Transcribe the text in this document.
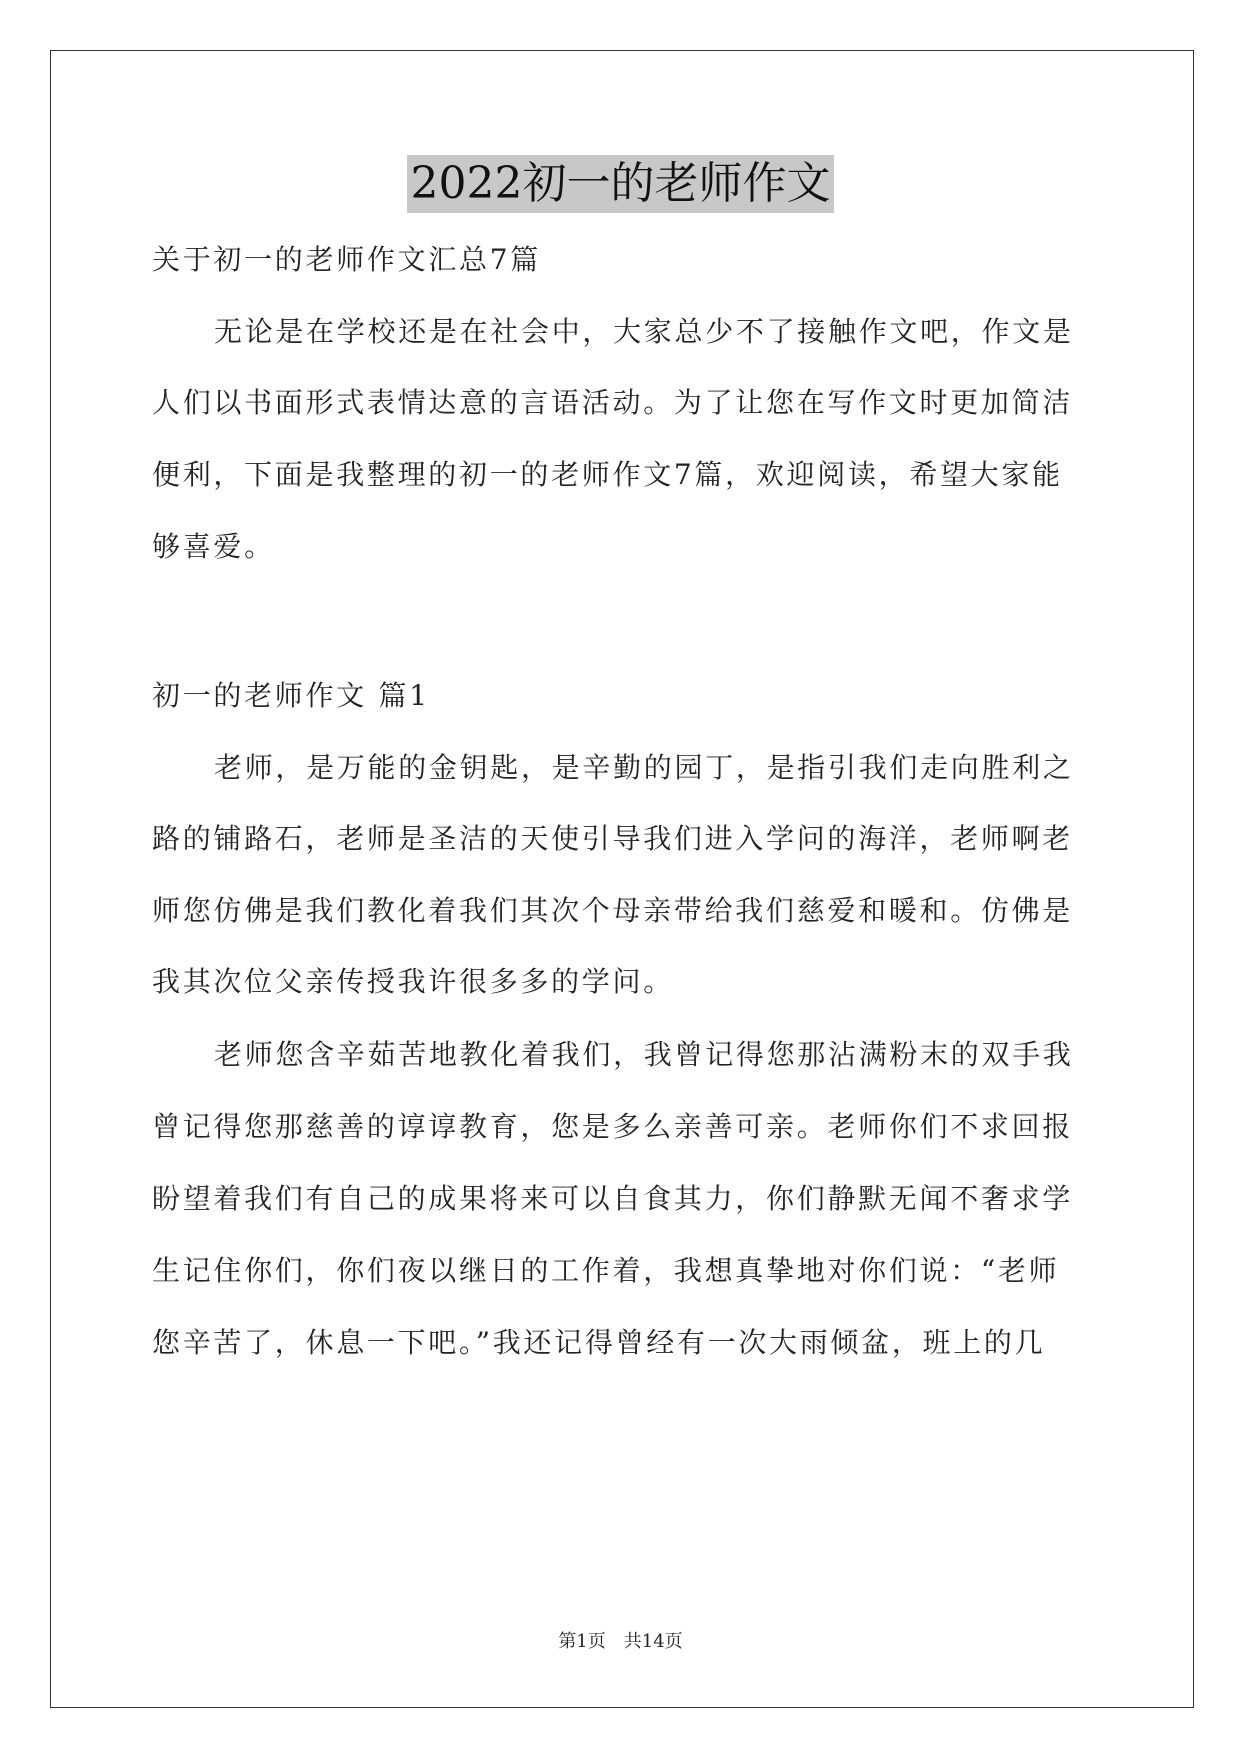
2022初一的老师作文
关于初一的老师作文汇总7篇
无论是在学校还是在社会中，大家总少不了接触作文吧，作文是
人们以书面形式表情达意的言语活动。为了让您在写作文时更加简洁
便利，下面是我整理的初一的老师作文7篇，欢迎阅读，希望大家能
够喜爱。
初一的老师作文 篇1
老师，是万能的金钥匙，是辛勤的园丁，是指引我们走向胜利之
路的铺路石，老师是圣洁的天使引导我们进入学问的海洋，老师啊老
师您仿佛是我们教化着我们其次个母亲带给我们慈爱和暖和。仿佛是
我其次位父亲传授我许很多多的学问。
老师您含辛茹苦地教化着我们，我曾记得您那沾满粉末的双手我
曾记得您那慈善的谆谆教育，您是多么亲善可亲。老师你们不求回报
盼望着我们有自己的成果将来可以自食其力，你们静默无闻不奢求学
生记住你们，你们夜以继日的工作着，我想真挚地对你们说：“老师
您辛苦了，休息一下吧。”我还记得曾经有一次大雨倾盆，班上的几
第1页　共14页
